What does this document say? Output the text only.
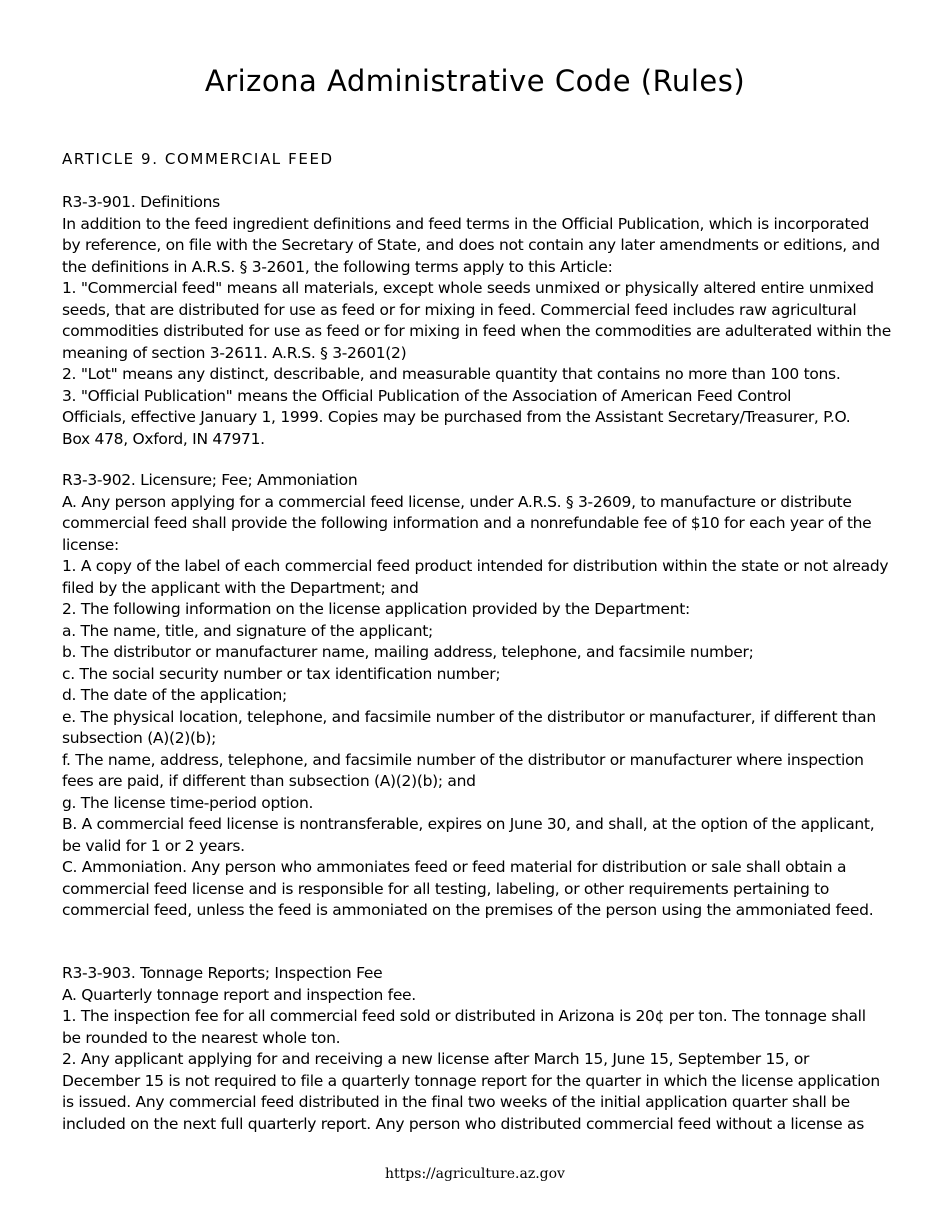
Arizona Administrative Code (Rules)
ARTICLE 9. COMMERCIAL FEED
R3-3-901. Definitions
In addition to the feed ingredient definitions and feed terms in the Official Publication, which is incorporated
by reference, on file with the Secretary of State, and does not contain any later amendments or editions, and
the definitions in A.R.S. § 3-2601, the following terms apply to this Article:
1. "Commercial feed" means all materials, except whole seeds unmixed or physically altered entire unmixed
seeds, that are distributed for use as feed or for mixing in feed. Commercial feed includes raw agricultural
commodities distributed for use as feed or for mixing in feed when the commodities are adulterated within the
meaning of section 3-2611. A.R.S. § 3-2601(2)
2. "Lot" means any distinct, describable, and measurable quantity that contains no more than 100 tons.
3. "Official Publication" means the Official Publication of the Association of American Feed Control
Officials, effective January 1, 1999. Copies may be purchased from the Assistant Secretary/Treasurer, P.O.
Box 478, Oxford, IN 47971.
R3-3-902. Licensure; Fee; Ammoniation
A. Any person applying for a commercial feed license, under A.R.S. § 3-2609, to manufacture or distribute
commercial feed shall provide the following information and a nonrefundable fee of $10 for each year of the
license:
1. A copy of the label of each commercial feed product intended for distribution within the state or not already
filed by the applicant with the Department; and
2. The following information on the license application provided by the Department:
a. The name, title, and signature of the applicant;
b. The distributor or manufacturer name, mailing address, telephone, and facsimile number;
c. The social security number or tax identification number;
d. The date of the application;
e. The physical location, telephone, and facsimile number of the distributor or manufacturer, if different than
subsection (A)(2)(b);
f. The name, address, telephone, and facsimile number of the distributor or manufacturer where inspection
fees are paid, if different than subsection (A)(2)(b); and
g. The license time-period option.
B. A commercial feed license is nontransferable, expires on June 30, and shall, at the option of the applicant,
be valid for 1 or 2 years.
C. Ammoniation. Any person who ammoniates feed or feed material for distribution or sale shall obtain a
commercial feed license and is responsible for all testing, labeling, or other requirements pertaining to
commercial feed, unless the feed is ammoniated on the premises of the person using the ammoniated feed.
R3-3-903. Tonnage Reports; Inspection Fee
A. Quarterly tonnage report and inspection fee.
1. The inspection fee for all commercial feed sold or distributed in Arizona is 20¢ per ton. The tonnage shall
be rounded to the nearest whole ton.
2. Any applicant applying for and receiving a new license after March 15, June 15, September 15, or
December 15 is not required to file a quarterly tonnage report for the quarter in which the license application
is issued. Any commercial feed distributed in the final two weeks of the initial application quarter shall be
included on the next full quarterly report. Any person who distributed commercial feed without a license as
https://agriculture.az.gov
